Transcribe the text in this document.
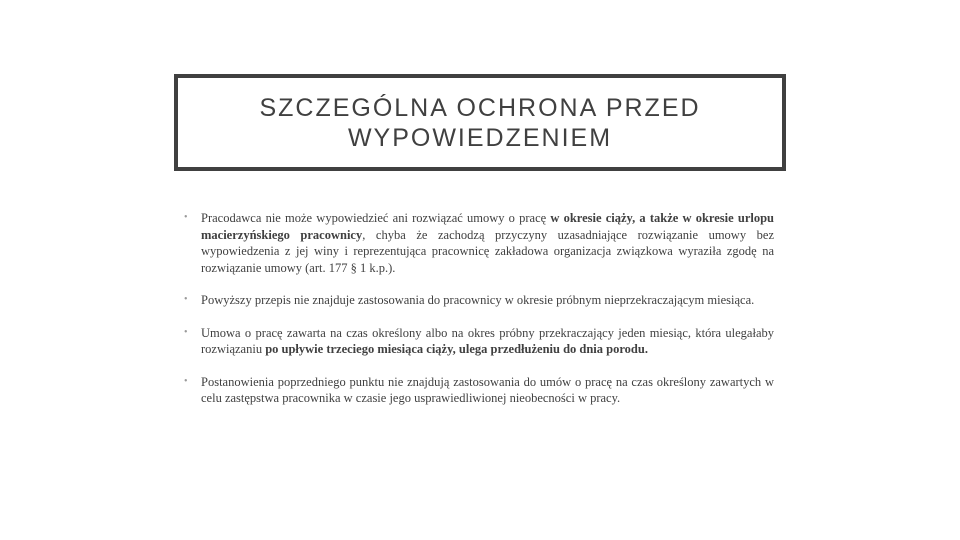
SZCZEGÓLNA OCHRONA PRZED
WYPOWIEDZENIEM
• Pracodawca nie może wypowiedzieć ani rozwiązać umowy o pracę w okresie ciąży, a także w okresie urlopu macierzyńskiego pracownicy, chyba że zachodzą przyczyny uzasadniające rozwiązanie umowy bez wypowiedzenia z jej winy i reprezentująca pracownicę zakładowa organizacja związkowa wyraziła zgodę na rozwiązanie umowy (art. 177 § 1 k.p.).
• Powyższy przepis nie znajduje zastosowania do pracownicy w okresie próbnym nieprzekraczającym miesiąca.
• Umowa o pracę zawarta na czas określony albo na okres próbny przekraczający jeden miesiąc, która ulegałaby rozwiązaniu po upływie trzeciego miesiąca ciąży, ulega przedłużeniu do dnia porodu.
• Postanowienia poprzedniego punktu nie znajdują zastosowania do umów o pracę na czas określony zawartych w celu zastępstwa pracownika w czasie jego usprawiedliwionej nieobecności w pracy.
